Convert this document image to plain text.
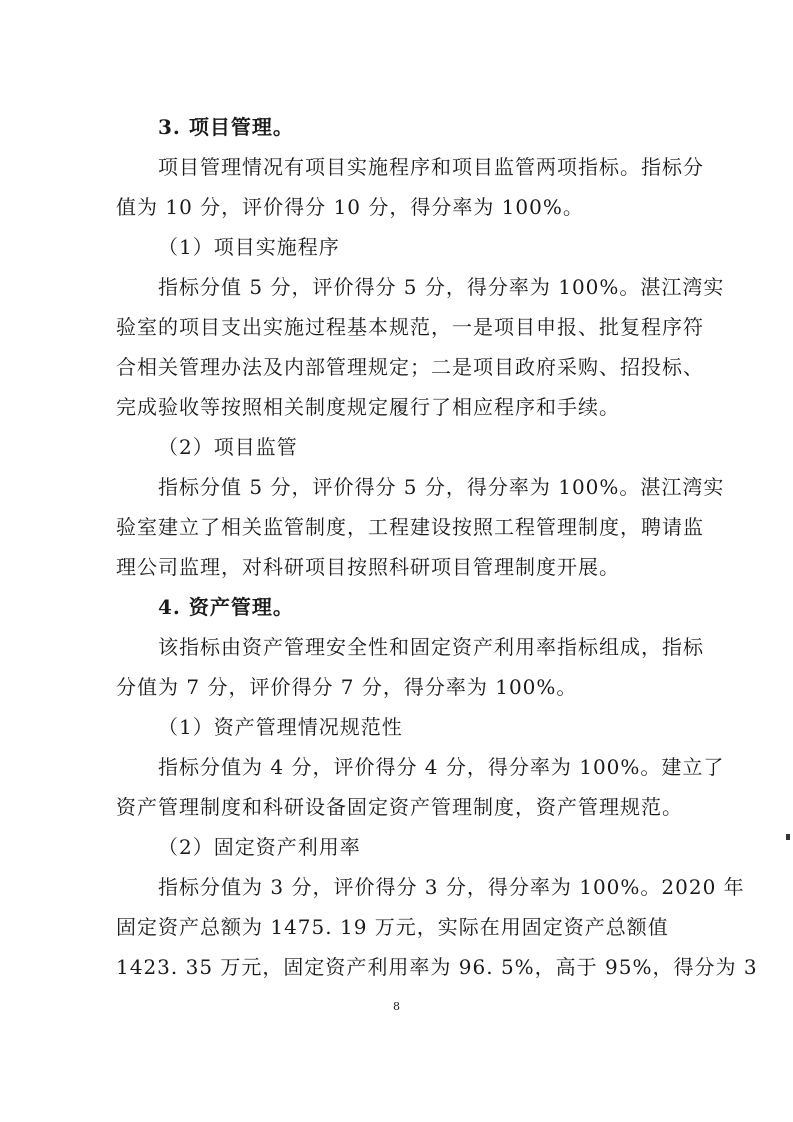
3. 项目管理。
项目管理情况有项目实施程序和项目监管两项指标。指标分
值为 10 分，评价得分 10 分，得分率为 100%。
（1）项目实施程序
指标分值 5 分，评价得分 5 分，得分率为 100%。湛江湾实
验室的项目支出实施过程基本规范，一是项目申报、批复程序符
合相关管理办法及内部管理规定；二是项目政府采购、招投标、
完成验收等按照相关制度规定履行了相应程序和手续。
（2）项目监管
指标分值 5 分，评价得分 5 分，得分率为 100%。湛江湾实
验室建立了相关监管制度，工程建设按照工程管理制度，聘请监
理公司监理，对科研项目按照科研项目管理制度开展。
4. 资产管理。
该指标由资产管理安全性和固定资产利用率指标组成，指标
分值为 7 分，评价得分 7 分，得分率为 100%。
（1）资产管理情况规范性
指标分值为 4 分，评价得分 4 分，得分率为 100%。建立了
资产管理制度和科研设备固定资产管理制度，资产管理规范。
（2）固定资产利用率
指标分值为 3 分，评价得分 3 分，得分率为 100%。2020 年
固定资产总额为 1475. 19 万元，实际在用固定资产总额值
1423. 35 万元，固定资产利用率为 96. 5%，高于 95%，得分为 3
8
